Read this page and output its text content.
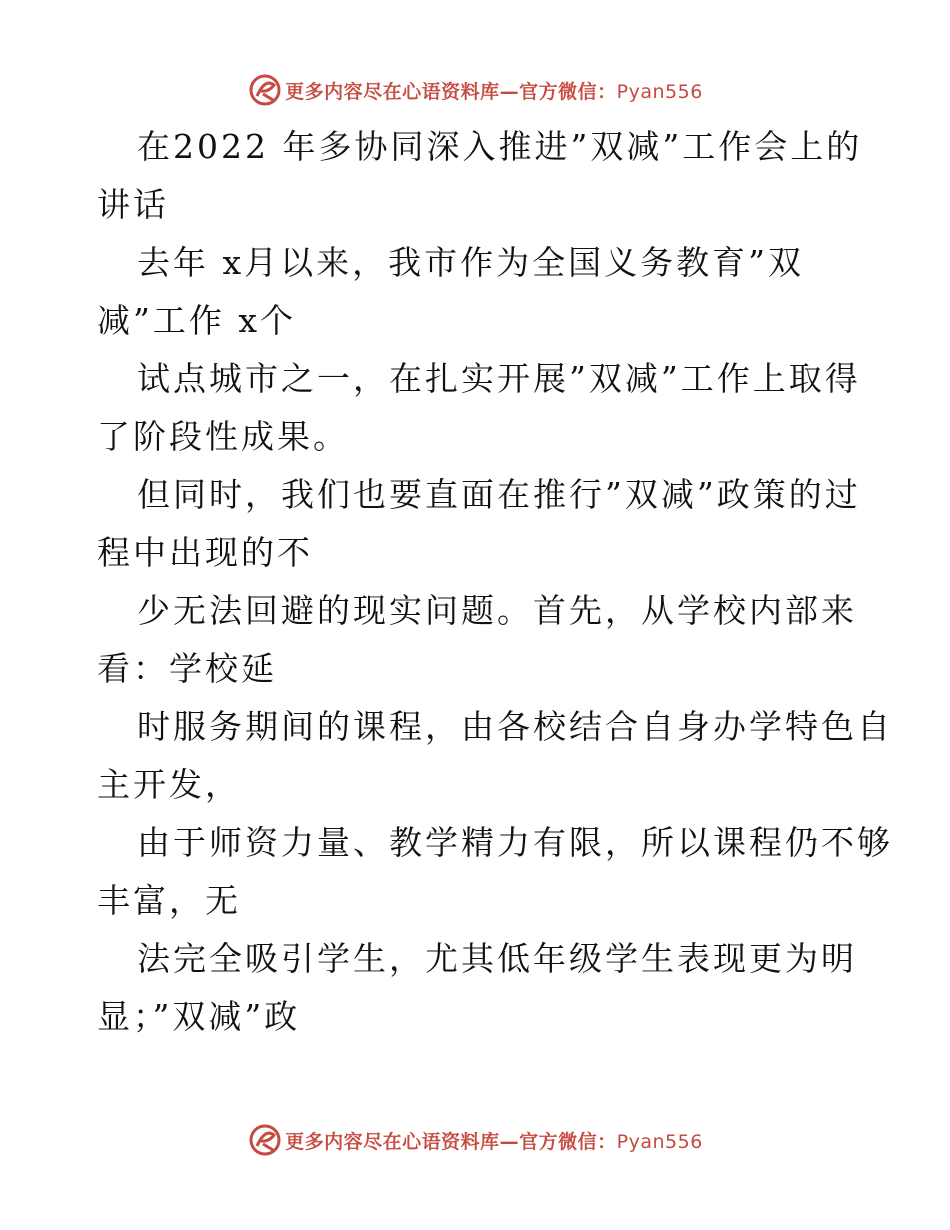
更多内容尽在心语资料库—官方微信：Pyan556

在2022 年多协同深入推进”双减”工作会上的

讲话

去年 x月以来，我市作为全国义务教育”双

减”工作 x个

试点城市之一，在扎实开展”双减”工作上取得

了阶段性成果。

但同时，我们也要直面在推行”双减”政策的过

程中出现的不

少无法回避的现实问题。首先，从学校内部来

看：学校延

时服务期间的课程，由各校结合自身办学特色自

主开发，

由于师资力量、教学精力有限，所以课程仍不够

丰富，无

法完全吸引学生，尤其低年级学生表现更为明

显；”双减”政

更多内容尽在心语资料库—官方微信：Pyan556
